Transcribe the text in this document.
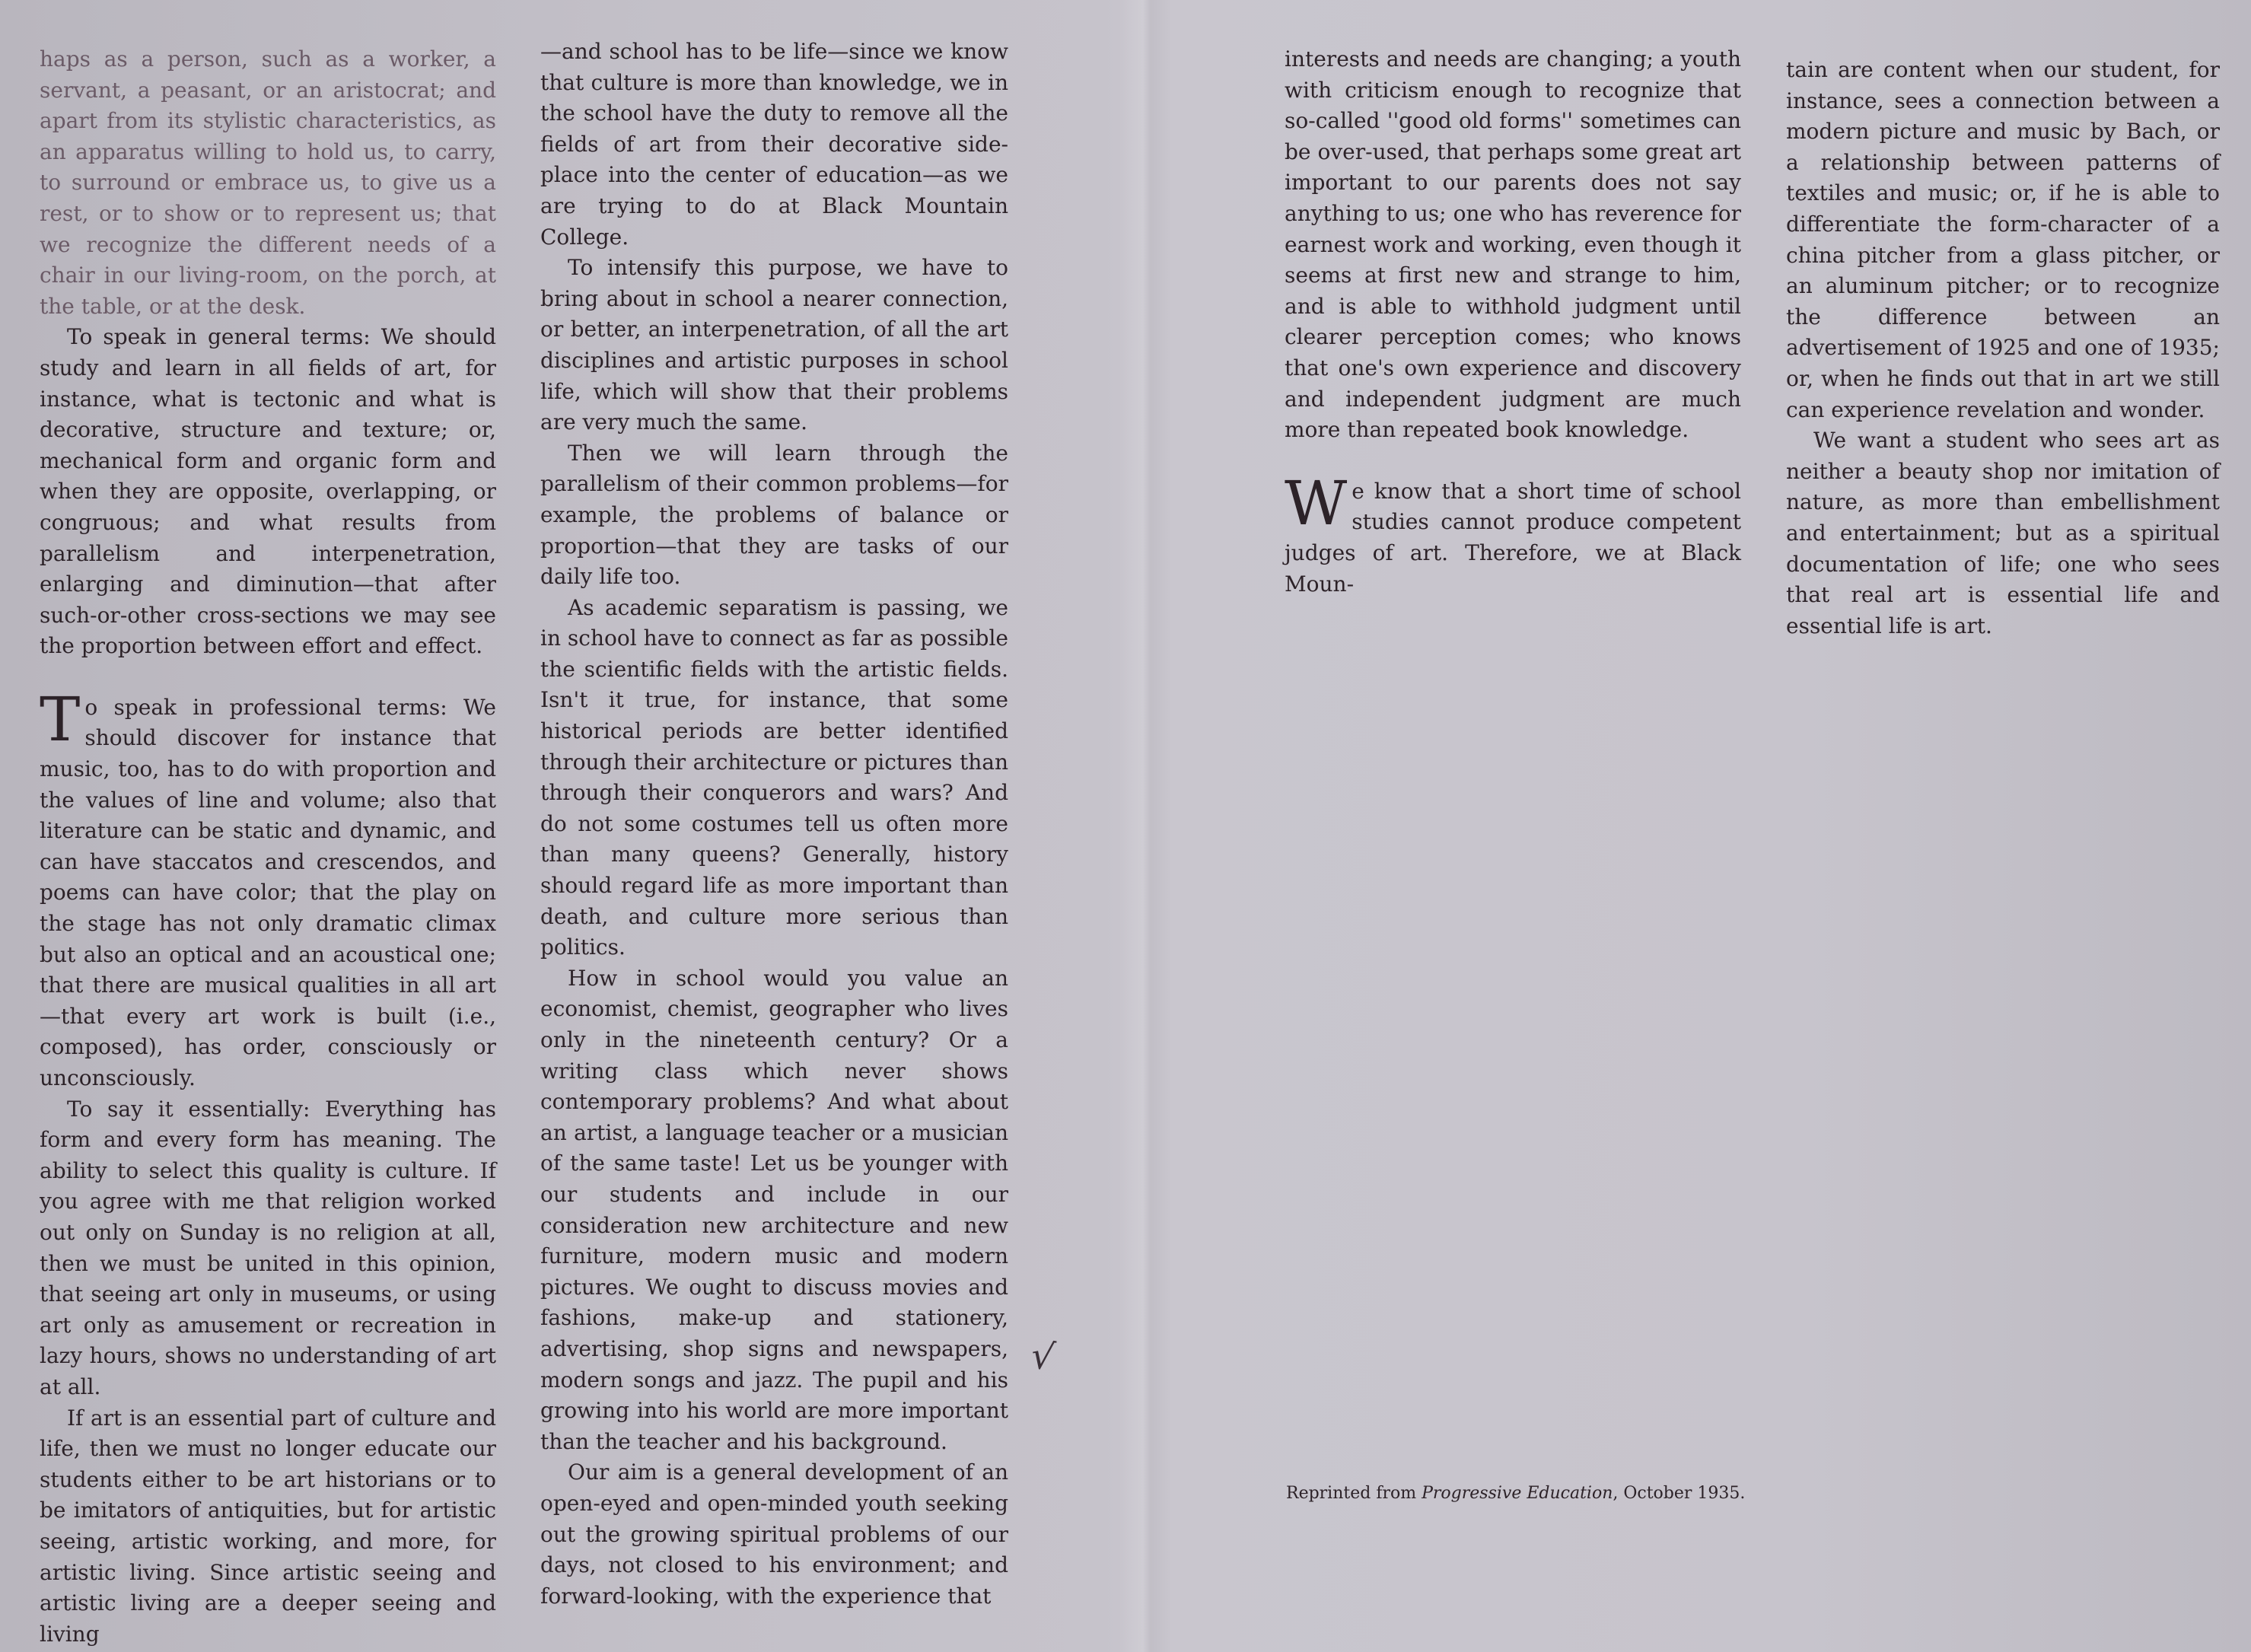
haps as a person, such as a worker, a servant, a peasant, or an aristocrat; and apart from its stylistic characteristics, as an apparatus willing to hold us, to carry, to surround or embrace us, to give us a rest, or to show or to represent us; that we recognize the different needs of a chair in our living-room, on the porch, at the table, or at the desk.

To speak in general terms: We should study and learn in all fields of art, for instance, what is tectonic and what is decorative, structure and texture; or, mechanical form and organic form and when they are opposite, overlapping, or congruous; and what results from parallelism and interpenetration, enlarging and diminution—that after such-or-other cross-sections we may see the proportion between effort and effect.

To speak in professional terms: We should discover for instance that music, too, has to do with proportion and the values of line and volume; also that literature can be static and dynamic, and can have staccatos and crescendos, and poems can have color; that the play on the stage has not only dramatic climax but also an optical and an acoustical one; that there are musical qualities in all art—that every art work is built (i.e., composed), has order, consciously or unconsciously.

To say it essentially: Everything has form and every form has meaning. The ability to select this quality is culture. If you agree with me that religion worked out only on Sunday is no religion at all, then we must be united in this opinion, that seeing art only in museums, or using art only as amusement or recreation in lazy hours, shows no understanding of art at all.

If art is an essential part of culture and life, then we must no longer educate our students either to be art historians or to be imitators of antiquities, but for artistic seeing, artistic working, and more, for artistic living. Since artistic seeing and artistic living are a deeper seeing and living

—and school has to be life—since we know that culture is more than knowledge, we in the school have the duty to remove all the fields of art from their decorative side-place into the center of education—as we are trying to do at Black Mountain College.

To intensify this purpose, we have to bring about in school a nearer connection, or better, an interpenetration, of all the art disciplines and artistic purposes in school life, which will show that their problems are very much the same.

Then we will learn through the parallelism of their common problems—for example, the problems of balance or proportion—that they are tasks of our daily life too.

As academic separatism is passing, we in school have to connect as far as possible the scientific fields with the artistic fields. Isn't it true, for instance, that some historical periods are better identified through their architecture or pictures than through their conquerors and wars? And do not some costumes tell us often more than many queens? Generally, history should regard life as more important than death, and culture more serious than politics.

How in school would you value an economist, chemist, geographer who lives only in the nineteenth century? Or a writing class which never shows contemporary problems? And what about an artist, a language teacher or a musician of the same taste! Let us be younger with our students and include in our consideration new architecture and new furniture, modern music and modern pictures. We ought to discuss movies and fashions, make-up and stationery, advertising, shop signs and newspapers, modern songs and jazz. The pupil and his growing into his world are more important than the teacher and his background.

Our aim is a general development of an open-eyed and open-minded youth seeking out the growing spiritual problems of our days, not closed to his environment; and forward-looking, with the experience that

√

interests and needs are changing; a youth with criticism enough to recognize that so-called ''good old forms'' sometimes can be over-used, that perhaps some great art important to our parents does not say anything to us; one who has reverence for earnest work and working, even though it seems at first new and strange to him, and is able to withhold judgment until clearer perception comes; who knows that one's own experience and discovery and independent judgment are much more than repeated book knowledge.

We know that a short time of school studies cannot produce competent judges of art. Therefore, we at Black Moun-

tain are content when our student, for instance, sees a connection between a modern picture and music by Bach, or a relationship between patterns of textiles and music; or, if he is able to differentiate the form-character of a china pitcher from a glass pitcher, or an aluminum pitcher; or to recognize the difference between an advertisement of 1925 and one of 1935; or, when he finds out that in art we still can experience revelation and wonder.

We want a student who sees art as neither a beauty shop nor imitation of nature, as more than embellishment and entertainment; but as a spiritual documentation of life; one who sees that real art is essential life and essential life is art.

Reprinted from Progressive Education, October 1935.
